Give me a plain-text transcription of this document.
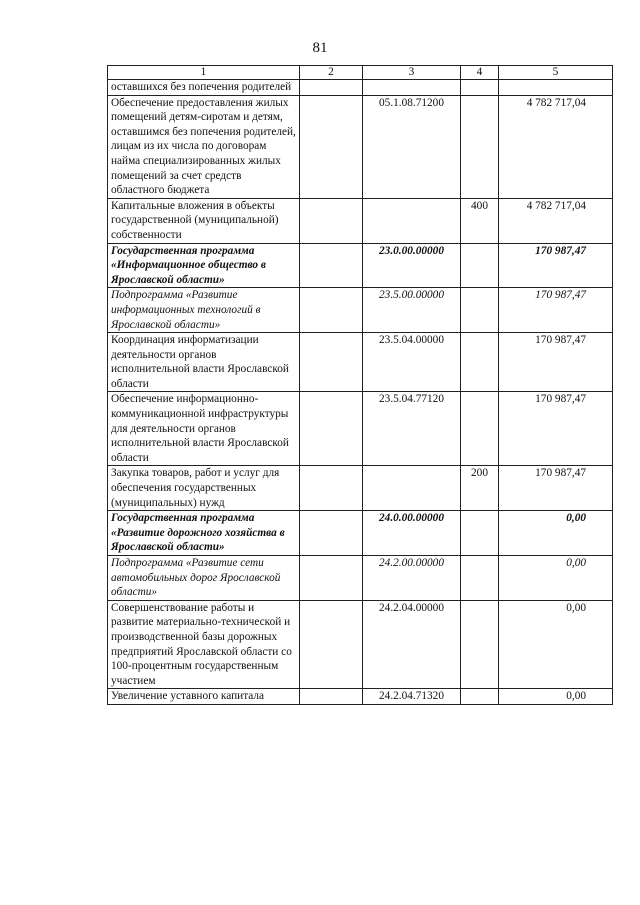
81
1	2	3	4	5
оставшихся без попечения родителей				
Обеспечение предоставления жилых помещений детям-сиротам и детям, оставшимся без попечения родителей, лицам из их числа по договорам найма специализированных жилых помещений за счет средств областного бюджета		05.1.08.71200		4 782 717,04
Капитальные вложения в объекты государственной (муниципальной) собственности			400	4 782 717,04
Государственная программа «Информационное общество в Ярославской области»		23.0.00.00000		170 987,47
Подпрограмма «Развитие информационных технологий в Ярославской области»		23.5.00.00000		170 987,47
Координация информатизации деятельности органов исполнительной власти Ярославской области		23.5.04.00000		170 987,47
Обеспечение информационно-коммуникационной инфраструктуры для деятельности органов исполнительной власти Ярославской области		23.5.04.77120		170 987,47
Закупка товаров, работ и услуг для обеспечения государственных (муниципальных) нужд			200	170 987,47
Государственная программа «Развитие дорожного хозяйства в Ярославской области»		24.0.00.00000		0,00
Подпрограмма «Развитие сети автомобильных дорог Ярославской области»		24.2.00.00000		0,00
Совершенствование работы и развитие материально-технической и производственной базы дорожных предприятий Ярославской области со 100-процентным государственным участием		24.2.04.00000		0,00
Увеличение уставного капитала		24.2.04.71320		0,00
